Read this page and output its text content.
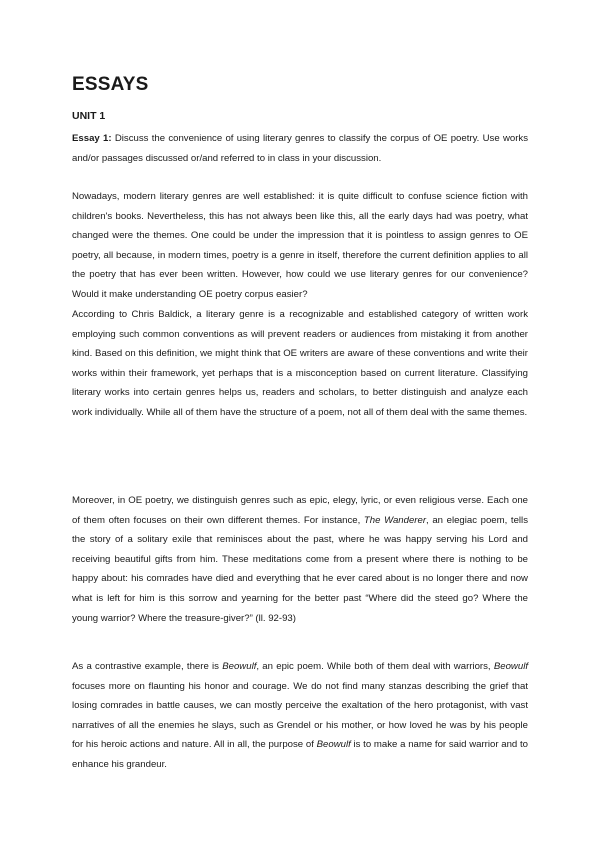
ESSAYS
UNIT 1

Essay 1: Discuss the convenience of using literary genres to classify the corpus of OE poetry. Use works and/or passages discussed or/and referred to in class in your discussion.

Nowadays, modern literary genres are well established: it is quite difficult to confuse science fiction with children's books. Nevertheless, this has not always been like this, all the early days had was poetry, what changed were the themes. One could be under the impression that it is pointless to assign genres to OE poetry, all because, in modern times, poetry is a genre in itself, therefore the current definition applies to all the poetry that has ever been written. However, how could we use literary genres for our convenience? Would it make understanding OE poetry corpus easier?

According to Chris Baldick, a literary genre is a recognizable and established category of written work employing such common conventions as will prevent readers or audiences from mistaking it from another kind. Based on this definition, we might think that OE writers are aware of these conventions and write their works within their framework, yet perhaps that is a misconception based on current literature. Classifying literary works into certain genres helps us, readers and scholars, to better distinguish and analyze each work individually. While all of them have the structure of a poem, not all of them deal with the same themes.

Moreover, in OE poetry, we distinguish genres such as epic, elegy, lyric, or even religious verse. Each one of them often focuses on their own different themes. For instance, The Wanderer, an elegiac poem, tells the story of a solitary exile that reminisces about the past, where he was happy serving his Lord and receiving beautiful gifts from him. These meditations come from a present where there is nothing to be happy about: his comrades have died and everything that he ever cared about is no longer there and now what is left for him is this sorrow and yearning for the better past “Where did the steed go? Where the young warrior? Where the treasure-giver?” (ll. 92-93)

As a contrastive example, there is Beowulf, an epic poem. While both of them deal with warriors, Beowulf focuses more on flaunting his honor and courage. We do not find many stanzas describing the grief that losing comrades in battle causes, we can mostly perceive the exaltation of the hero protagonist, with vast narratives of all the enemies he slays, such as Grendel or his mother, or how loved he was by his people for his heroic actions and nature. All in all, the purpose of Beowulf is to make a name for said warrior and to enhance his grandeur.
